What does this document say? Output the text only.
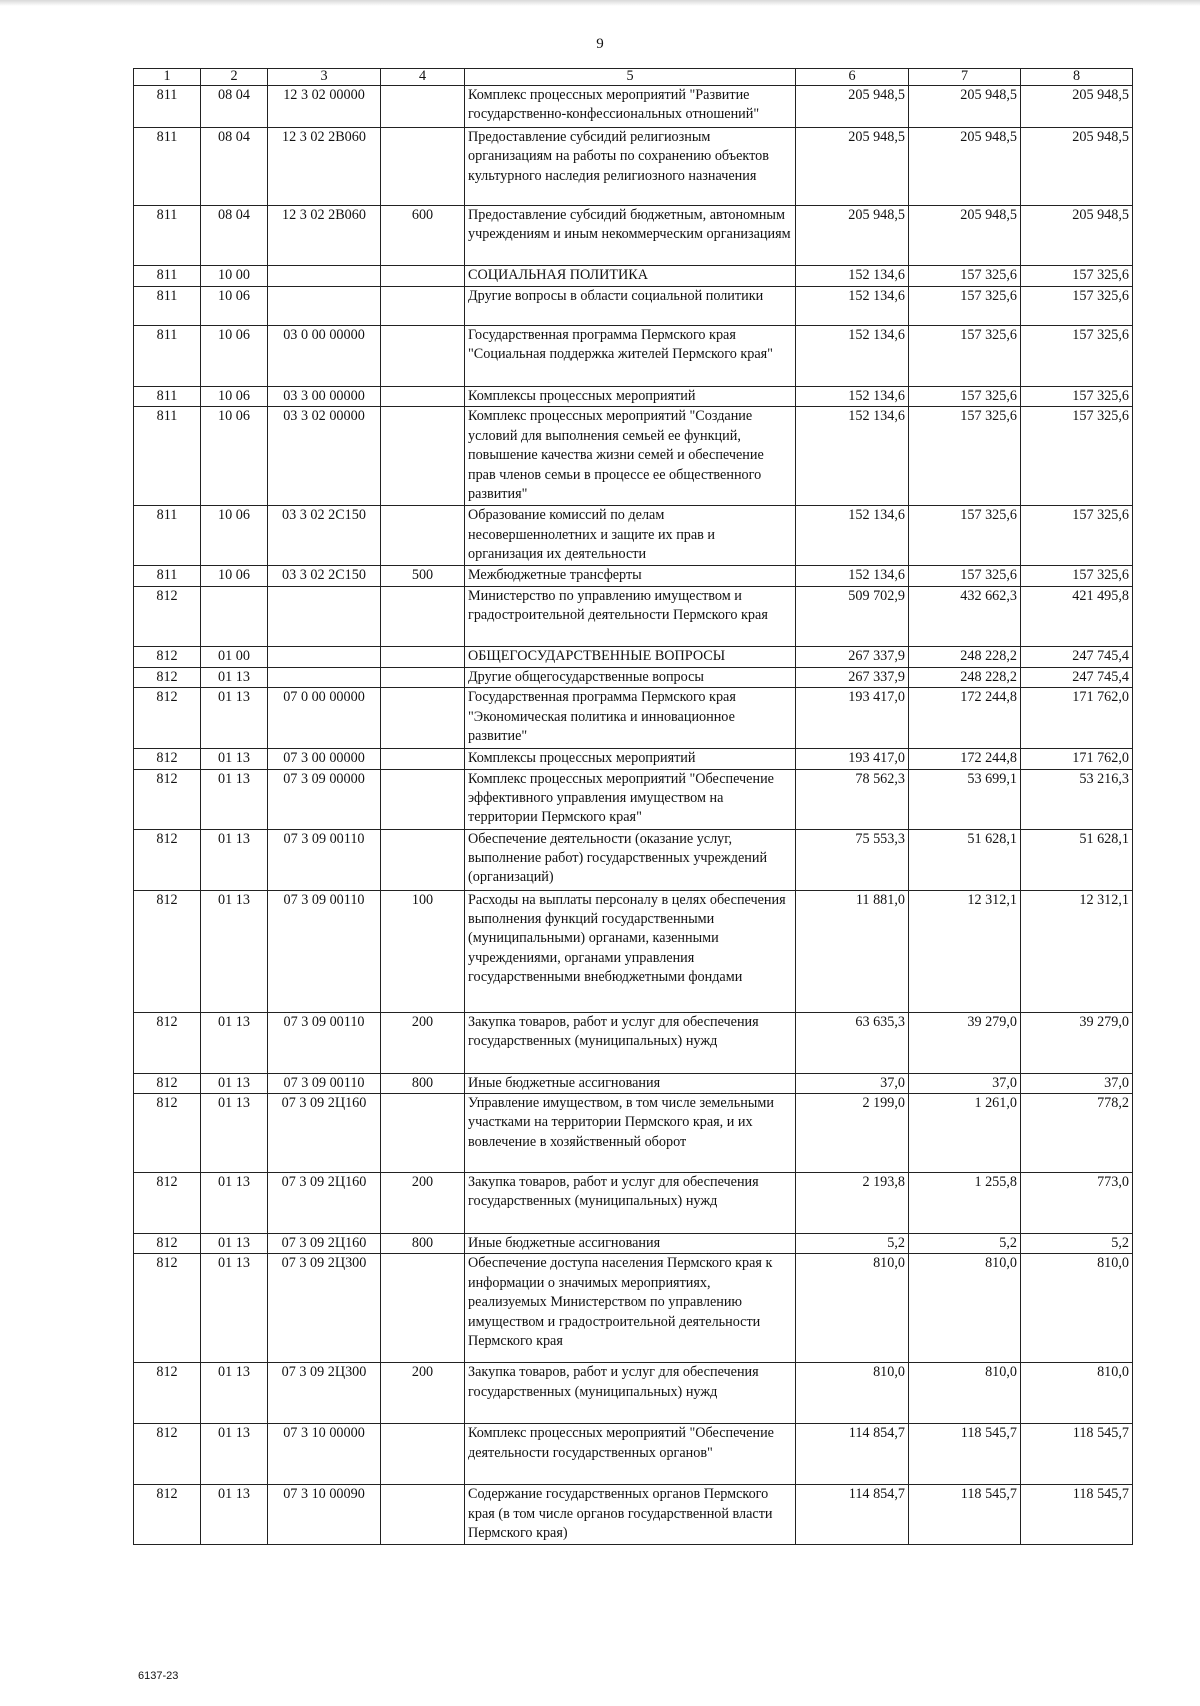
9
1	2	3	4	5	6	7	8
811	08 04	12 3 02 00000		Комплекс процессных мероприятий "Развитие государственно-конфессиональных отношений"	205 948,5	205 948,5	205 948,5
811	08 04	12 3 02 2В060		Предоставление субсидий религиозным организациям на работы по сохранению объектов культурного наследия религиозного назначения	205 948,5	205 948,5	205 948,5
811	08 04	12 3 02 2В060	600	Предоставление субсидий бюджетным, автономным учреждениям и иным некоммерческим организациям	205 948,5	205 948,5	205 948,5
811	10 00			СОЦИАЛЬНАЯ ПОЛИТИКА	152 134,6	157 325,6	157 325,6
811	10 06			Другие вопросы в области социальной политики	152 134,6	157 325,6	157 325,6
811	10 06	03 0 00 00000		Государственная программа Пермского края "Социальная поддержка жителей Пермского края"	152 134,6	157 325,6	157 325,6
811	10 06	03 3 00 00000		Комплексы процессных мероприятий	152 134,6	157 325,6	157 325,6
811	10 06	03 3 02 00000		Комплекс процессных мероприятий "Создание условий для выполнения семьей ее функций, повышение качества жизни семей и обеспечение прав членов семьи в процессе ее общественного развития"	152 134,6	157 325,6	157 325,6
811	10 06	03 3 02 2С150		Образование комиссий по делам несовершеннолетних и защите их прав и организация их деятельности	152 134,6	157 325,6	157 325,6
811	10 06	03 3 02 2С150	500	Межбюджетные трансферты	152 134,6	157 325,6	157 325,6
812				Министерство по управлению имуществом и градостроительной деятельности Пермского края	509 702,9	432 662,3	421 495,8
812	01 00			ОБЩЕГОСУДАРСТВЕННЫЕ ВОПРОСЫ	267 337,9	248 228,2	247 745,4
812	01 13			Другие общегосударственные вопросы	267 337,9	248 228,2	247 745,4
812	01 13	07 0 00 00000		Государственная программа Пермского края "Экономическая политика и инновационное развитие"	193 417,0	172 244,8	171 762,0
812	01 13	07 3 00 00000		Комплексы процессных мероприятий	193 417,0	172 244,8	171 762,0
812	01 13	07 3 09 00000		Комплекс процессных мероприятий "Обеспечение эффективного управления имуществом на территории Пермского края"	78 562,3	53 699,1	53 216,3
812	01 13	07 3 09 00110		Обеспечение деятельности (оказание услуг, выполнение работ) государственных учреждений (организаций)	75 553,3	51 628,1	51 628,1
812	01 13	07 3 09 00110	100	Расходы на выплаты персоналу в целях обеспечения выполнения функций государственными (муниципальными) органами, казенными учреждениями, органами управления государственными внебюджетными фондами	11 881,0	12 312,1	12 312,1
812	01 13	07 3 09 00110	200	Закупка товаров, работ и услуг для обеспечения государственных (муниципальных) нужд	63 635,3	39 279,0	39 279,0
812	01 13	07 3 09 00110	800	Иные бюджетные ассигнования	37,0	37,0	37,0
812	01 13	07 3 09 2Ц160		Управление имуществом, в том числе земельными участками на территории Пермского края, и их вовлечение в хозяйственный оборот	2 199,0	1 261,0	778,2
812	01 13	07 3 09 2Ц160	200	Закупка товаров, работ и услуг для обеспечения государственных (муниципальных) нужд	2 193,8	1 255,8	773,0
812	01 13	07 3 09 2Ц160	800	Иные бюджетные ассигнования	5,2	5,2	5,2
812	01 13	07 3 09 2Ц300		Обеспечение доступа населения Пермского края к информации о значимых мероприятиях, реализуемых Министерством по управлению имуществом и градостроительной деятельности Пермского края	810,0	810,0	810,0
812	01 13	07 3 09 2Ц300	200	Закупка товаров, работ и услуг для обеспечения государственных (муниципальных) нужд	810,0	810,0	810,0
812	01 13	07 3 10 00000		Комплекс процессных мероприятий "Обеспечение деятельности государственных органов"	114 854,7	118 545,7	118 545,7
812	01 13	07 3 10 00090		Содержание государственных органов Пермского края (в том числе органов государственной власти Пермского края)	114 854,7	118 545,7	118 545,7
6137-23
